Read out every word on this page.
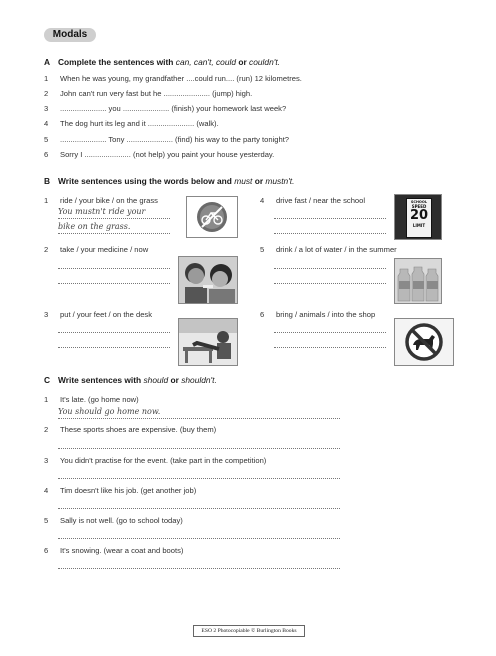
Modals
A Complete the sentences with can, can't, could or couldn't.
1 When he was young, my grandfather ....could run.... (run) 12 kilometres.
2 John can't run very fast but he ...................... (jump) high.
3 ...................... you ...................... (finish) your homework last week?
4 The dog hurt its leg and it ...................... (walk).
5 ...................... Tony ...................... (find) his way to the party tonight?
6 Sorry I ...................... (not help) you paint your house yesterday.
B Write sentences using the words below and must or mustn't.
1 ride / your bike / on the grass
You mustn't ride your
bike on the grass.
2 take / your medicine / now
3 put / your feet / on the desk
4 drive fast / near the school	SCHOOL
SPEED
20
LIMIT
5 drink / a lot of water / in the summer
6 bring / animals / into the shop
C Write sentences with should or shouldn't.
1 It's late. (go home now)
You should go home now.
2 These sports shoes are expensive. (buy them)
3 You didn't practise for the event. (take part in the competition)
4 Tim doesn't like his job. (get another job)
5 Sally is not well. (go to school today)
6 It's snowing. (wear a coat and boots)
ESO 2 Photocopiable © Burlington Books
